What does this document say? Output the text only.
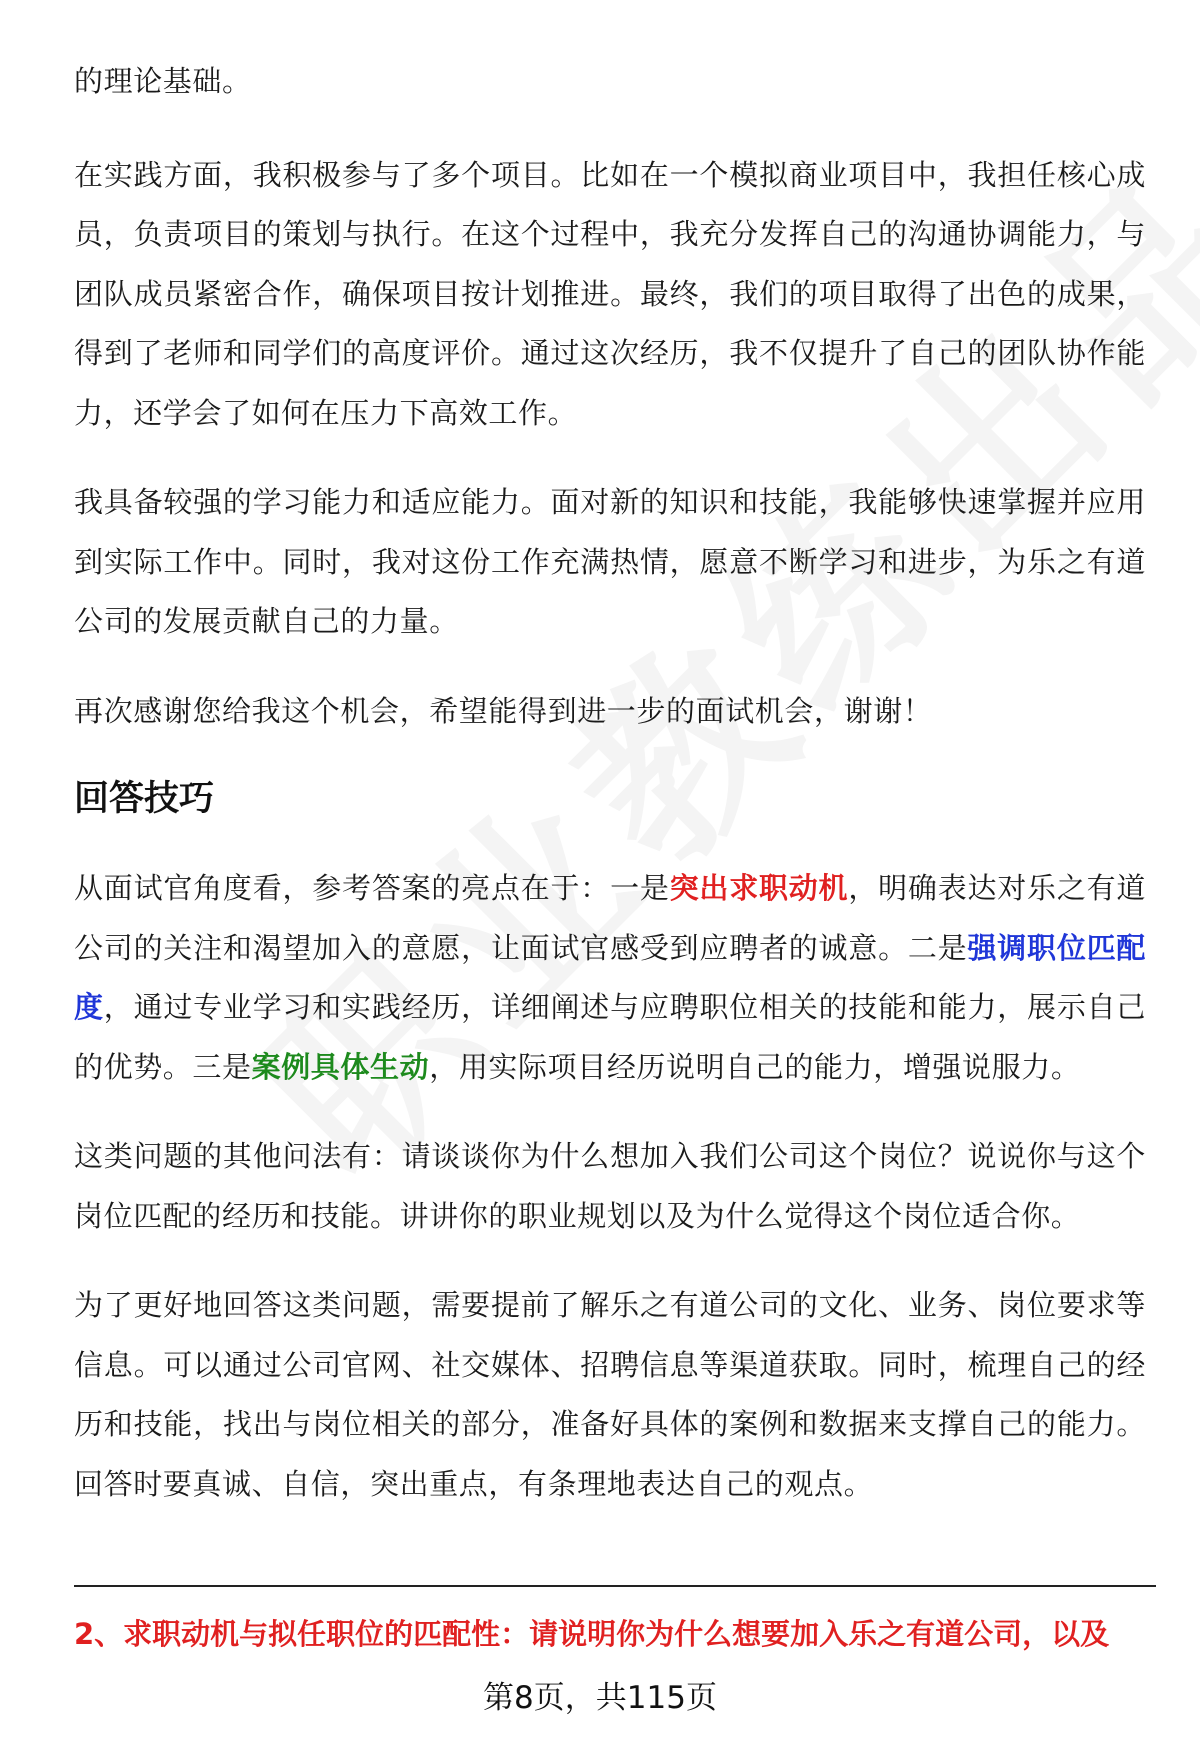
的理论基础。

在实践方面，我积极参与了多个项目。比如在一个模拟商业项目中，我担任核心成员，负责项目的策划与执行。在这个过程中，我充分发挥自己的沟通协调能力，与团队成员紧密合作，确保项目按计划推进。最终，我们的项目取得了出色的成果，得到了老师和同学们的高度评价。通过这次经历，我不仅提升了自己的团队协作能力，还学会了如何在压力下高效工作。

我具备较强的学习能力和适应能力。面对新的知识和技能，我能够快速掌握并应用到实际工作中。同时，我对这份工作充满热情，愿意不断学习和进步，为乐之有道公司的发展贡献自己的力量。

再次感谢您给我这个机会，希望能得到进一步的面试机会，谢谢！

回答技巧

从面试官角度看，参考答案的亮点在于：一是突出求职动机，明确表达对乐之有道公司的关注和渴望加入的意愿，让面试官感受到应聘者的诚意。二是强调职位匹配度，通过专业学习和实践经历，详细阐述与应聘职位相关的技能和能力，展示自己的优势。三是案例具体生动，用实际项目经历说明自己的能力，增强说服力。

这类问题的其他问法有：请谈谈你为什么想加入我们公司这个岗位？说说你与这个岗位匹配的经历和技能。讲讲你的职业规划以及为什么觉得这个岗位适合你。

为了更好地回答这类问题，需要提前了解乐之有道公司的文化、业务、岗位要求等信息。可以通过公司官网、社交媒体、招聘信息等渠道获取。同时，梳理自己的经历和技能，找出与岗位相关的部分，准备好具体的案例和数据来支撑自己的能力。回答时要真诚、自信，突出重点，有条理地表达自己的观点。

2、求职动机与拟任职位的匹配性：请说明你为什么想要加入乐之有道公司，以及
第8页，共115页
